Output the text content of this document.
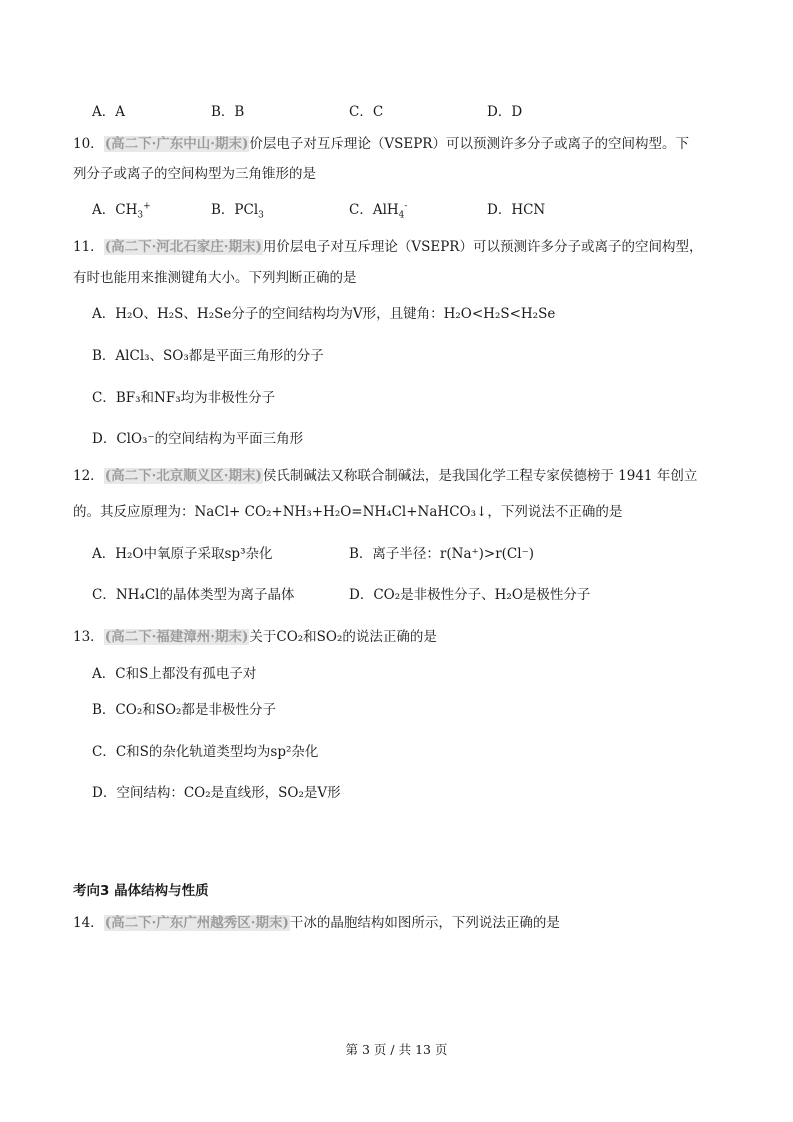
A．A	B．B	C．C	D．D
10．(高二下·广东中山·期末)价层电子对互斥理论（VSEPR）可以预测许多分子或离子的空间构型。下
列分子或离子的空间构型为三角锥形的是
A．$CH_3^+$	B．PCl$_3$	C．AlH$_4$-	D．HCN
11．(高二下·河北石家庄·期末)用价层电子对互斥理论（VSEPR）可以预测许多分子或离子的空间构型，
有时也能用来推测键角大小。下列判断正确的是
A．H₂O、H₂S、H₂Se分子的空间结构均为V形，且键角：H₂O<H₂S<H₂Se
B．AlCl₃、SO₃都是平面三角形的分子
C．BF₃和NF₃均为非极性分子
D．ClO₃⁻的空间结构为平面三角形
12．(高二下·北京顺义区·期末)侯氏制碱法又称联合制碱法，是我国化学工程专家侯德榜于 1941 年创立
的。其反应原理为：NaCl+ CO₂+NH₃+H₂O=NH₄Cl+NaHCO₃↓，下列说法不正确的是
A．H₂O中氧原子采取sp³杂化	B．离子半径：r(Na⁺)>r(Cl⁻)
C．NH₄Cl的晶体类型为离子晶体	D．CO₂是非极性分子、H₂O是极性分子
13．(高二下·福建漳州·期末)关于CO₂和SO₂的说法正确的是
A．C和S上都没有孤电子对
B．CO₂和SO₂都是非极性分子
C．C和S的杂化轨道类型均为sp²杂化
D．空间结构：CO₂是直线形，SO₂是V形
考向3 晶体结构与性质
14．(高二下·广东广州越秀区·期末)干冰的晶胞结构如图所示，下列说法正确的是
第 3 页 / 共 13 页
